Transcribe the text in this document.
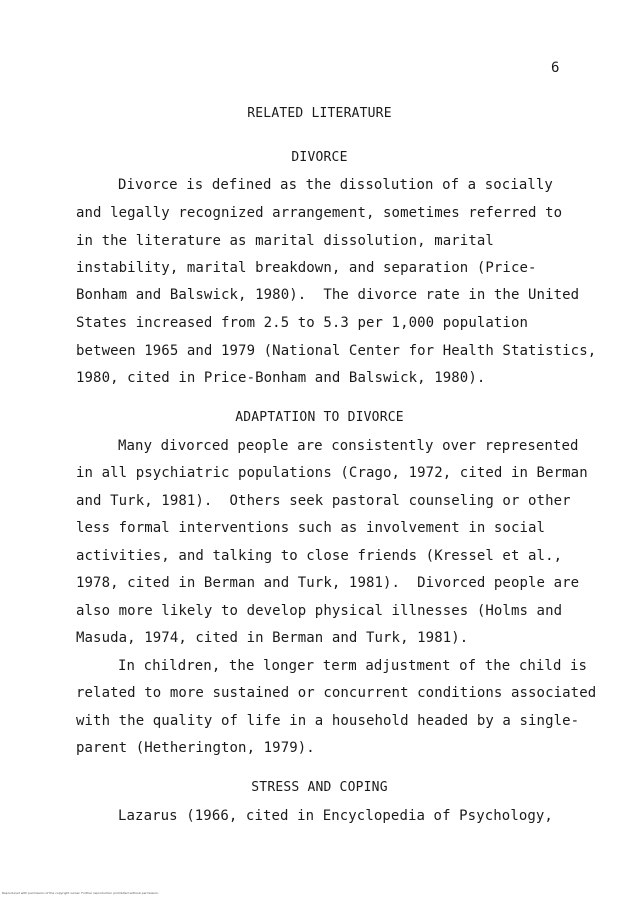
6
RELATED LITERATURE
DIVORCE
Divorce is defined as the dissolution of a socially
and legally recognized arrangement, sometimes referred to
in the literature as marital dissolution, marital
instability, marital breakdown, and separation (Price-
Bonham and Balswick, 1980).  The divorce rate in the United
States increased from 2.5 to 5.3 per 1,000 population
between 1965 and 1979 (National Center for Health Statistics,
1980, cited in Price-Bonham and Balswick, 1980).
ADAPTATION TO DIVORCE
Many divorced people are consistently over represented
in all psychiatric populations (Crago, 1972, cited in Berman
and Turk, 1981).  Others seek pastoral counseling or other
less formal interventions such as involvement in social
activities, and talking to close friends (Kressel et al.,
1978, cited in Berman and Turk, 1981).  Divorced people are
also more likely to develop physical illnesses (Holms and
Masuda, 1974, cited in Berman and Turk, 1981).
In children, the longer term adjustment of the child is
related to more sustained or concurrent conditions associated
with the quality of life in a household headed by a single-
parent (Hetherington, 1979).
STRESS AND COPING
Lazarus (1966, cited in Encyclopedia of Psychology,
Reproduced with permission of the copyright owner. Further reproduction prohibited without permission.
